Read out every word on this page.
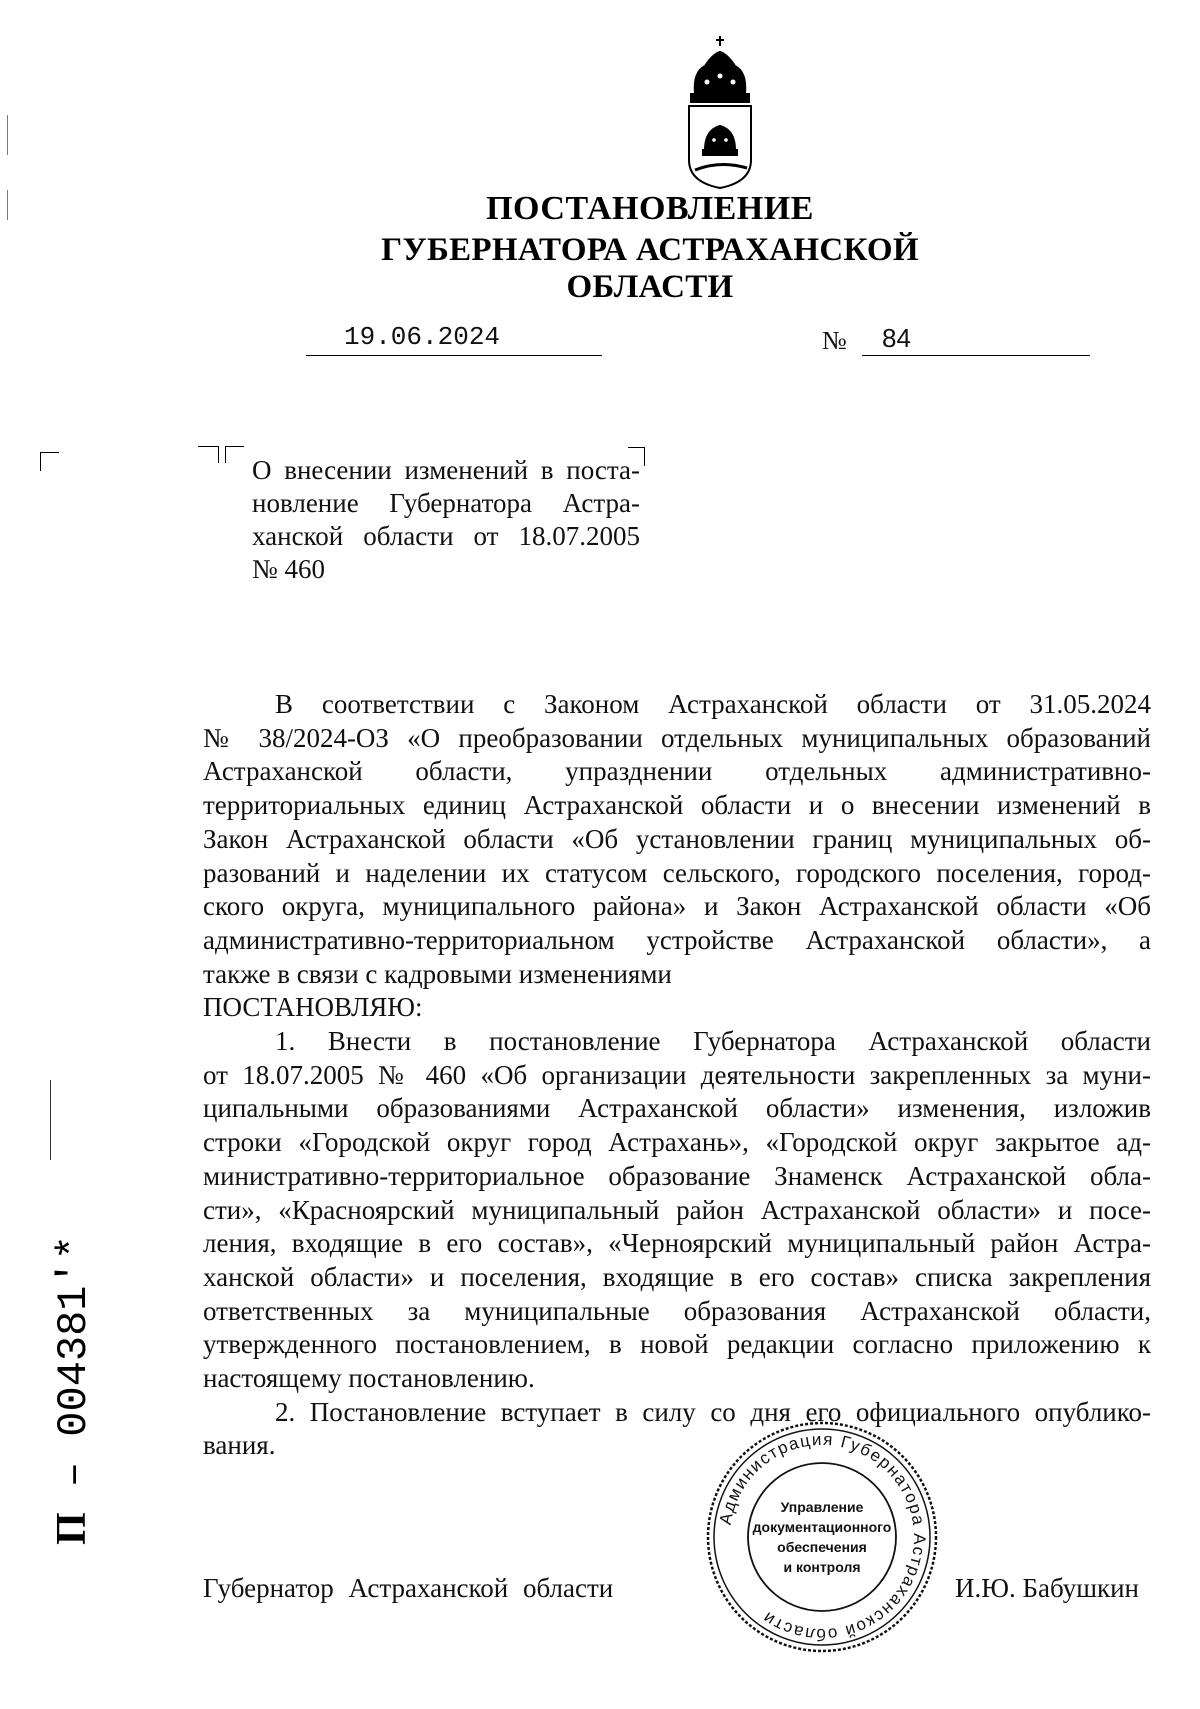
ПОСТАНОВЛЕНИЕ
ГУБЕРНАТОРА АСТРАХАНСКОЙ ОБЛАСТИ
19.06.2024	№	84
О внесении изменений в поста-
новление Губернатора Астра-
ханской области от 18.07.2005
№ 460
В соответствии с Законом Астраханской области от 31.05.2024
№ 38/2024-ОЗ «О преобразовании отдельных муниципальных образований
Астраханской области, упразднении отдельных административно-
территориальных единиц Астраханской области и о внесении изменений в
Закон Астраханской области «Об установлении границ муниципальных об-
разований и наделении их статусом сельского, городского поселения, город-
ского округа, муниципального района» и Закон Астраханской области «Об
административно-территориальном устройстве Астраханской области», а
также в связи с кадровыми изменениями
ПОСТАНОВЛЯЮ:
1. Внести в постановление Губернатора Астраханской области
от 18.07.2005 № 460 «Об организации деятельности закрепленных за муни-
ципальными образованиями Астраханской области» изменения, изложив
строки «Городской округ город Астрахань», «Городской округ закрытое ад-
министративно-территориальное образование Знаменск Астраханской обла-
сти», «Красноярский муниципальный район Астраханской области» и посе-
ления, входящие в его состав», «Черноярский муниципальный район Астра-
ханской области» и поселения, входящие в его состав» списка закрепления
ответственных за муниципальные образования Астраханской области,
утвержденного постановлением, в новой редакции согласно приложению к
настоящему постановлению.
2. Постановление вступает в силу со дня его официального опублико-
вания.
Губернатор Астраханской области
Администрация Губернатора Астраханской области
Управление
документационного
обеспечения
и контроля
И.Ю. Бабушкин
П – 004381'*
